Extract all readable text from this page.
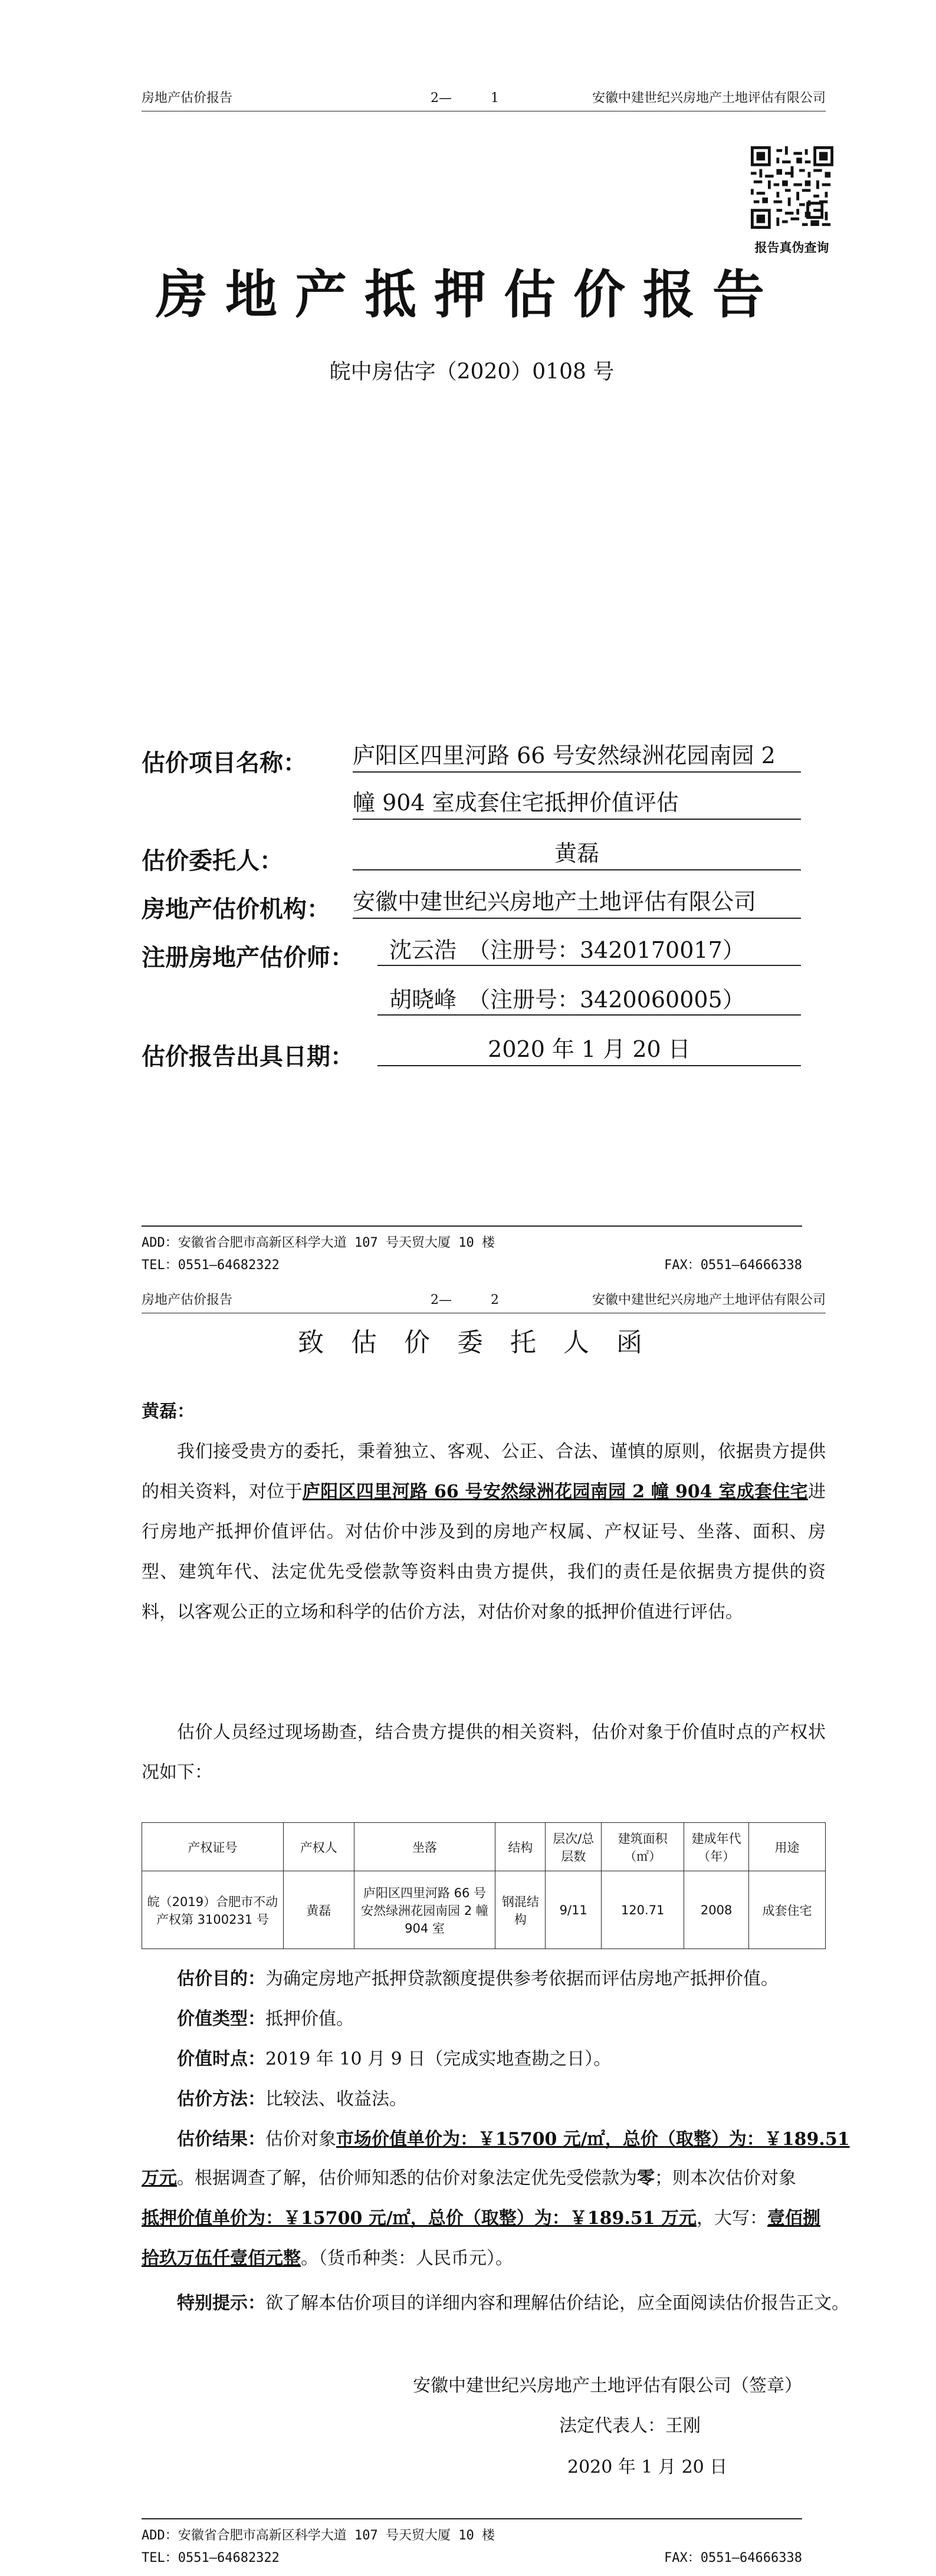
房地产估价报告	2—　　　1	安徽中建世纪兴房地产土地评估有限公司
报告真伪查询
房地产抵押估价报告
皖中房估字（2020）0108 号
估价项目名称： 庐阳区四里河路 66 号安然绿洲花园南园 2
幢 904 室成套住宅抵押价值评估
估价委托人：	黄磊
房地产估价机构： 安徽中建世纪兴房地产土地评估有限公司
注册房地产估价师：	沈云浩　（注册号：3420170017）
胡晓峰　（注册号：3420060005）
估价报告出具日期：	2020 年 1 月 20 日
ADD：安徽省合肥市高新区科学大道 107 号天贸大厦 10 楼
TEL：0551—64682322	FAX：0551—64666338
房地产估价报告	2—　　　2	安徽中建世纪兴房地产土地评估有限公司
致估价委托人函
黄磊：

我们接受贵方的委托，秉着独立、客观、公正、合法、谨慎的原则，依据贵方提供的相关资料，对位于庐阳区四里河路 66 号安然绿洲花园南园 2 幢 904 室成套住宅进行房地产抵押价值评估。对估价中涉及到的房地产权属、产权证号、坐落、面积、房型、建筑年代、法定优先受偿款等资料由贵方提供，我们的责任是依据贵方提供的资料，以客观公正的立场和科学的估价方法，对估价对象的抵押价值进行评估。

估价人员经过现场勘查，结合贵方提供的相关资料，估价对象于价值时点的产权状况如下：

产权证号	产权人	坐落	结构	层次/总层数	建筑面积（㎡）	建成年代（年）	用途
皖（2019）合肥市不动产权第 3100231 号	黄磊	庐阳区四里河路 66 号安然绿洲花园南园 2 幢 904 室	钢混结构	9/11	120.71	2008	成套住宅
估价目的：为确定房地产抵押贷款额度提供参考依据而评估房地产抵押价值。
价值类型：抵押价值。
价值时点：2019 年 10 月 9 日（完成实地查勘之日）。
估价方法：比较法、收益法。
估价结果：估价对象市场价值单价为：￥15700 元/㎡，总价（取整）为：￥189.51
万元。根据调查了解，估价师知悉的估价对象法定优先受偿款为零；则本次估价对象
抵押价值单价为：￥15700 元/㎡，总价（取整）为：￥189.51 万元，大写：壹佰捌
拾玖万伍仟壹佰元整。（货币种类：人民币元）。
特别提示：欲了解本估价项目的详细内容和理解估价结论，应全面阅读估价报告正文。
安徽中建世纪兴房地产土地评估有限公司（签章）
法定代表人：王刚
2020 年 1 月 20 日
ADD：安徽省合肥市高新区科学大道 107 号天贸大厦 10 楼
TEL：0551—64682322	FAX：0551—64666338
